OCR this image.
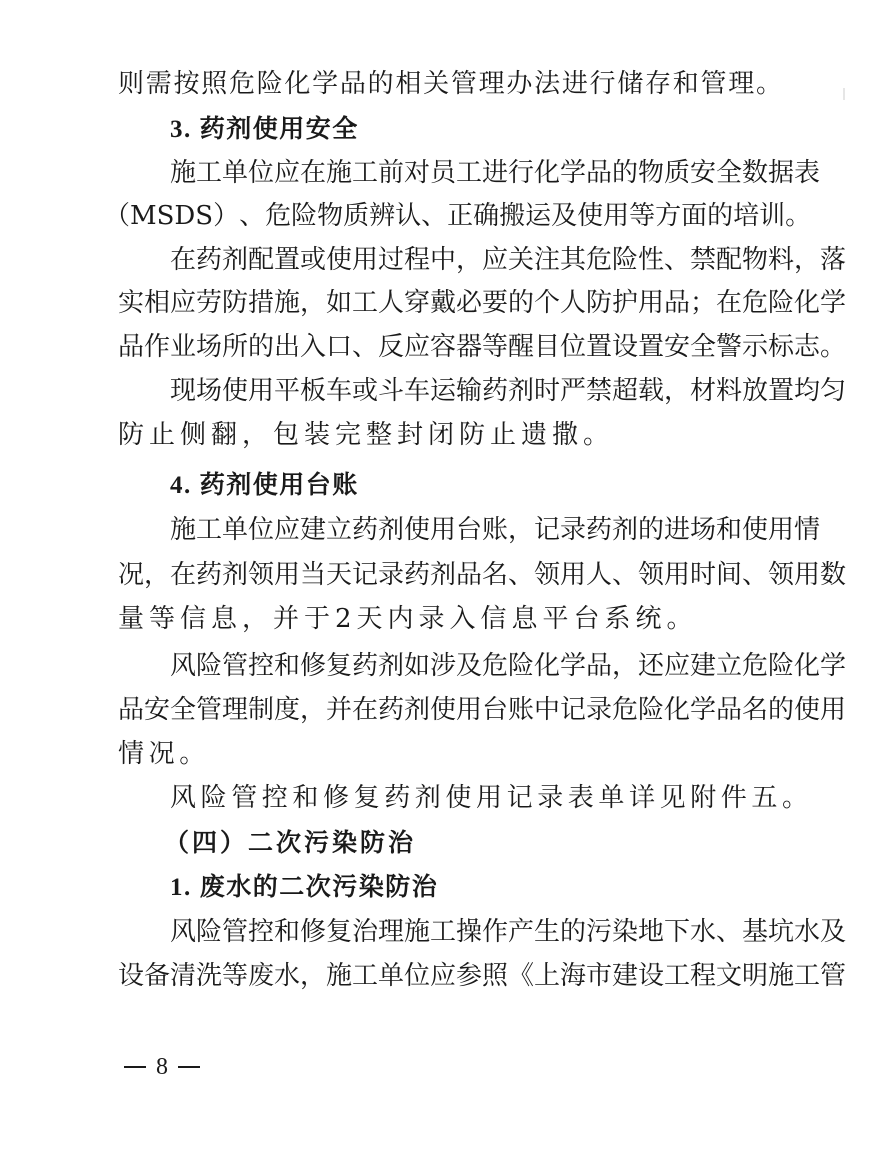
则​需​按​照​危​险​化​学​品​的​相​关​管​理​办​法​进​行​储​存​和​管​理​。
3. 药剂使用安全
施​工​单​位​应​在​施​工​前​对​员​工​进​行​化​学​品​的​物​质​安​全​数​据​表
（​M​S​D​S​）​、​危​险​物​质​辨​认​、​正​确​搬​运​及​使​用​等​方​面​的​培​训​。
在​药​剂​配​置​或​使​用​过​程​中​，​应​关​注​其​危​险​性​、​禁​配​物​料​，​落
实​相​应​劳​防​措​施​，​如​工​人​穿​戴​必​要​的​个​人​防​护​用​品​；​在​危​险​化​学
品​作​业​场​所​的​出​入​口​、​反​应​容​器​等​醒​目​位​置​设​置​安​全​警​示​标​志​。
现​场​使​用​平​板​车​或​斗​车​运​输​药​剂​时​严​禁​超​载​，​材​料​放​置​均​匀
防止侧翻，包装完整封闭防止遗撒。
4. 药剂使用台账
施​工​单​位​应​建​立​药​剂​使​用​台​账​，​记​录​药​剂​的​进​场​和​使​用​情
况​，​在​药​剂​领​用​当​天​记​录​药​剂​品​名​、​领​用​人​、​领​用​时​间​、​领​用​数
量等信息，并于2天内录入信息平台系统。
风​险​管​控​和​修​复​药​剂​如​涉​及​危​险​化​学​品​，​还​应​建​立​危​险​化​学
品​安​全​管​理​制​度​，​并​在​药​剂​使​用​台​账​中​记​录​危​险​化​学​品​名​的​使​用
情况。
风险管控和修复药剂使用记录表单详见附件五。
（四）二次污染防治
1. 废水的二次污染防治
风​险​管​控​和​修​复​治​理​施​工​操​作​产​生​的​污​染​地​下​水​、​基​坑​水​及
设​备​清​洗​等​废​水​，​施​工​单​位​应​参​照​《​上​海​市​建​设​工​程​文​明​施​工​管
8
